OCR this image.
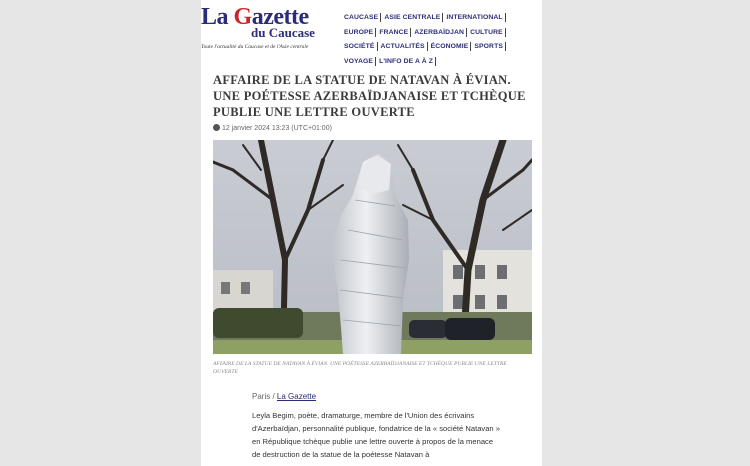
La Gazette
du Caucase
Toute l'actualité du Caucase et de l'Asie centrale
CAUCASE ASIE CENTRALE INTERNATIONAL
EUROPE FRANCE AZERBAÏDJAN CULTURE
SOCIÉTÉ ACTUALITÉS ÉCONOMIE SPORTS
VOYAGE L'INFO DE A À Z
AFFAIRE DE LA STATUE DE NATAVAN À ÉVIAN. UNE POÉTESSE AZERBAÏDJANAISE ET TCHÈQUE PUBLIE UNE LETTRE OUVERTE
12 janvier 2024 13:23 (UTC+01:00)
AFFAIRE DE LA STATUE DE NATAVAN À ÉVIAN. UNE POÉTESSE AZERBAÏDJANAISE ET TCHÈQUE PUBLIE UNE LETTRE OUVERTE
Paris / La Gazette
Leyla Begim, poète, dramaturge, membre de l'Union des écrivains d'Azerbaïdjan, personnalité publique, fondatrice de la « société Natavan » en République tchèque publie une lettre ouverte à propos de la menace de destruction de la statue de la poétesse Natavan à
